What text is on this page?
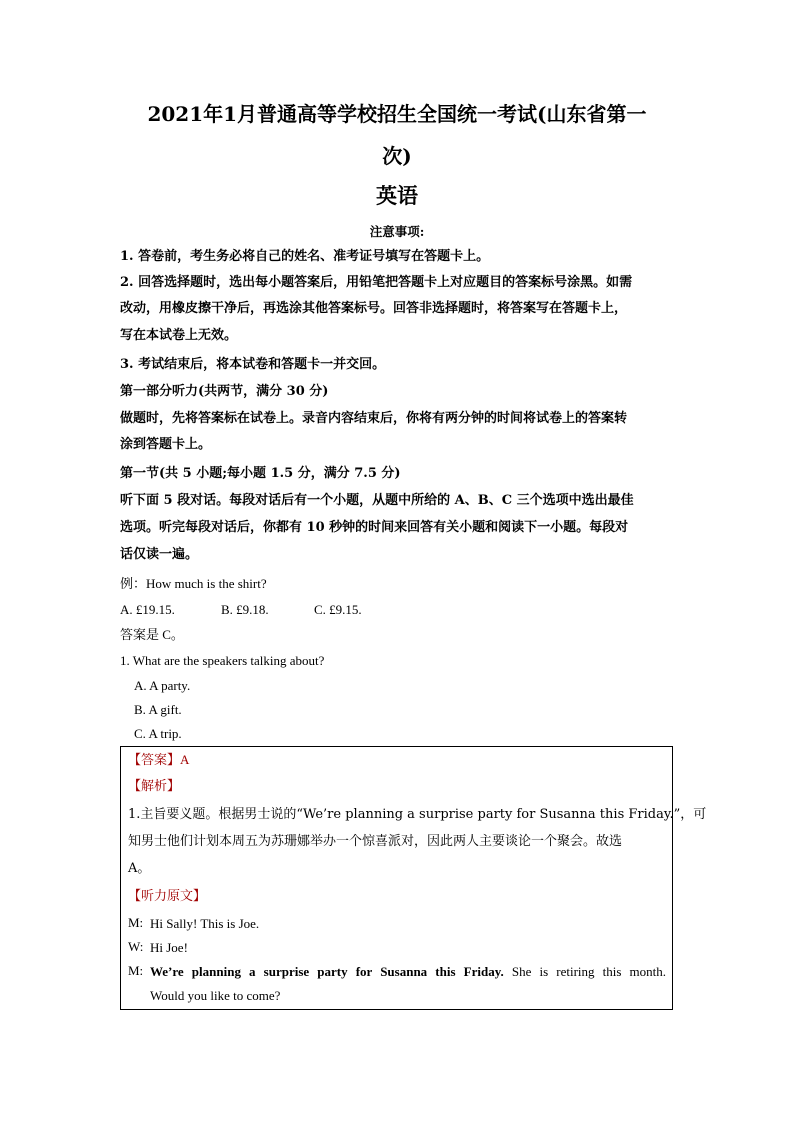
2021年1月普通高等学校招生全国统一考试(山东省第一
次)
英语
注意事项:
1. 答卷前，考生务必将自己的姓名、准考证号填写在答题卡上。
2. 回答选择题时，选出每小题答案后，用铅笔把答题卡上对应题目的答案标号涂黑。如需
改动，用橡皮擦干净后，再选涂其他答案标号。回答非选择题时，将答案写在答题卡上，
写在本试卷上无效。
3. 考试结束后，将本试卷和答题卡一并交回。
第一部分听力(共两节，满分 30 分)
做题时，先将答案标在试卷上。录音内容结束后，你将有两分钟的时间将试卷上的答案转
涂到答题卡上。
第一节(共 5 小题;每小题 1.5 分，满分 7.5 分)
听下面 5 段对话。每段对话后有一个小题，从题中所给的 A、B、C 三个选项中选出最佳
选项。听完每段对话后，你都有 10 秒钟的时间来回答有关小题和阅读下一小题。每段对
话仅读一遍。
例：How much is the shirt?
A. £19.15.	B. £9.18.	C. £9.15.
答案是 C。
1. What are the speakers talking about?
A. A party.
B. A gift.
C. A trip.
【答案】A
【解析】
1.主旨要义题。根据男士说的“We’re planning a surprise party for Susanna this Friday.”，可
知男士他们计划本周五为苏珊娜举办一个惊喜派对，因此两人主要谈论一个聚会。故选
A。
【听力原文】
M: Hi Sally! This is Joe.
W: Hi Joe!
M: We’re planning a surprise party for Susanna this Friday. She is retiring this month.
Would you like to come?
